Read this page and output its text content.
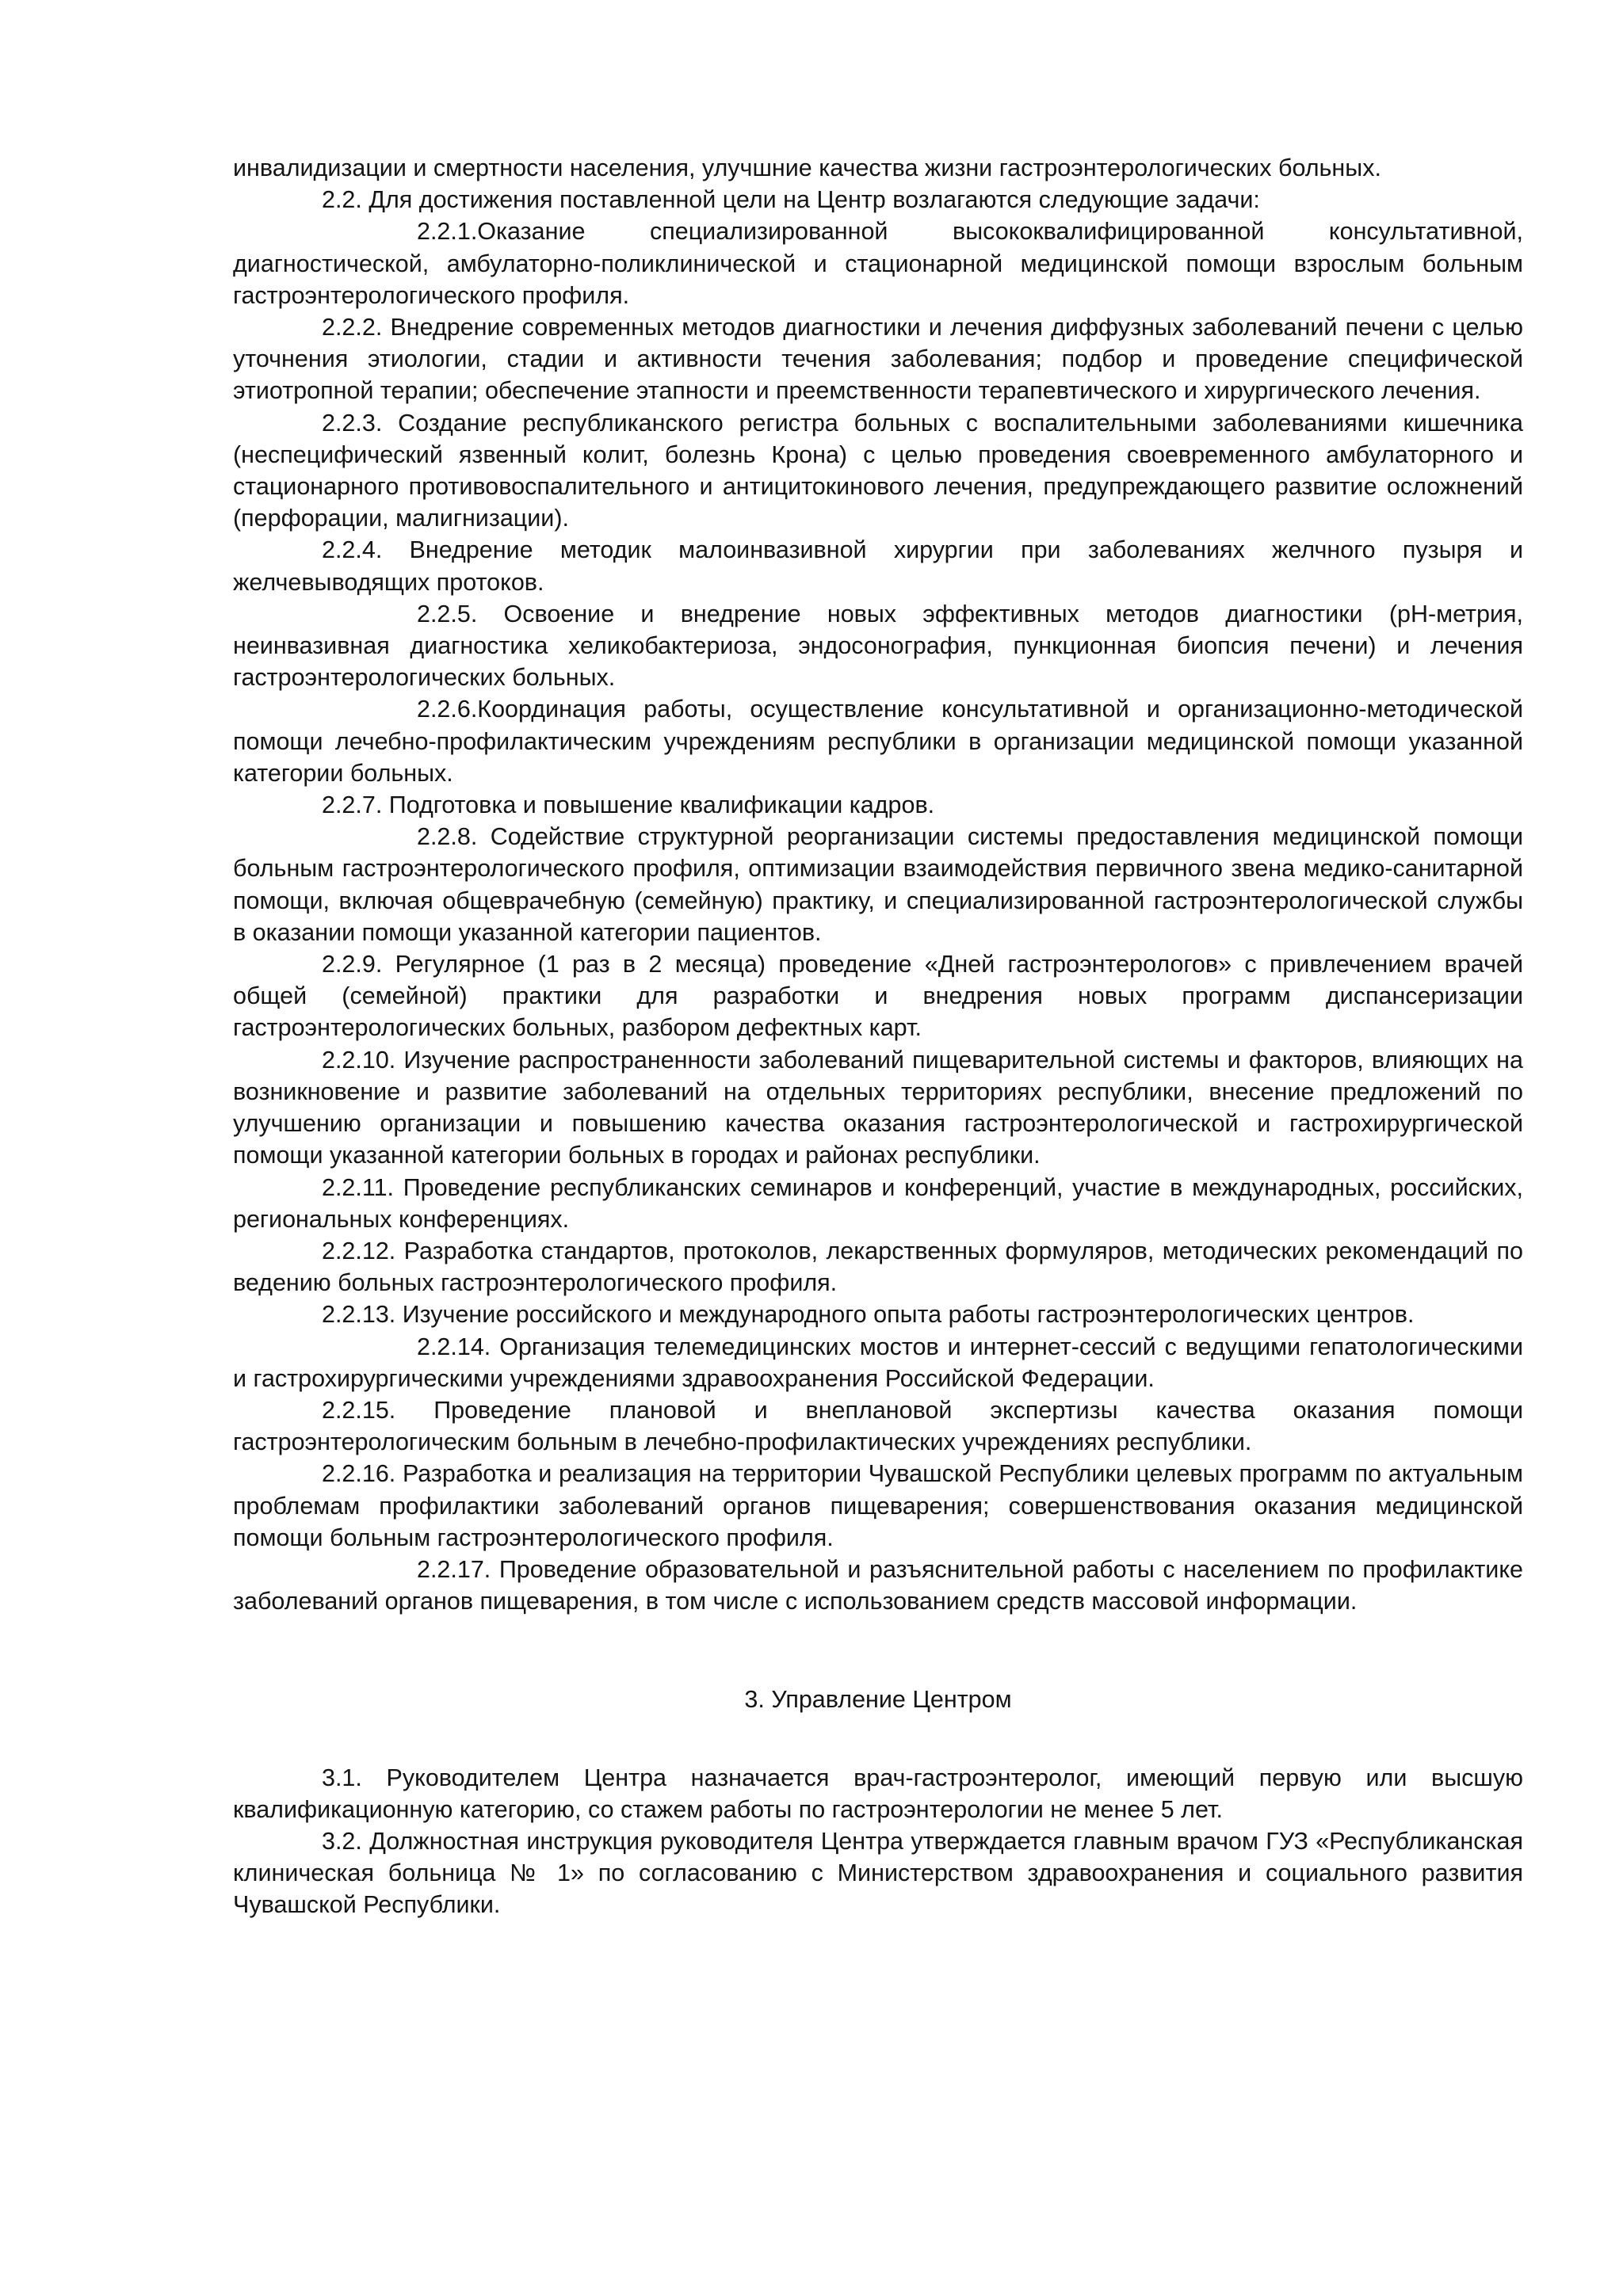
инвалидизации и смертности населения, улучшние качества жизни гастроэнтерологических больных.

2.2. Для достижения поставленной цели на Центр возлагаются следующие задачи:

2.2.1.Оказание специализированной высококвалифицированной консультативной, диагностической, амбулаторно-поликлинической и стационарной медицинской помощи взрослым больным гастроэнтерологического профиля.

2.2.2. Внедрение современных методов диагностики и лечения диффузных заболеваний печени с целью уточнения этиологии, стадии и активности течения заболевания; подбор и проведение специфической этиотропной терапии; обеспечение этапности и преемственности терапевтического и хирургического лечения.

2.2.3. Создание республиканского регистра больных с воспалительными заболеваниями кишечника (неспецифический язвенный колит, болезнь Крона) с целью проведения своевременного амбулаторного и стационарного противовоспалительного и антицитокинового лечения, предупреждающего развитие осложнений (перфорации, малигнизации).

2.2.4. Внедрение методик малоинвазивной хирургии при заболеваниях желчного пузыря и желчевыводящих протоков.

2.2.5. Освоение и внедрение новых эффективных методов диагностики (рН-метрия, неинвазивная диагностика хеликобактериоза, эндосонография, пункционная биопсия печени) и лечения гастроэнтерологических больных.

2.2.6.Координация работы, осуществление консультативной и организационно-методической помощи лечебно-профилактическим учреждениям республики в организации медицинской помощи указанной категории больных.

2.2.7. Подготовка и повышение квалификации кадров.

2.2.8. Содействие структурной реорганизации системы предоставления медицинской помощи больным гастроэнтерологического профиля, оптимизации взаимодействия первичного звена медико-санитарной помощи, включая общеврачебную (семейную) практику, и специализированной гастроэнтерологической службы в оказании помощи указанной категории пациентов.

2.2.9. Регулярное (1 раз в 2 месяца) проведение «Дней гастроэнтерологов» с привлечением врачей общей (семейной) практики для разработки и внедрения новых программ диспансеризации гастроэнтерологических больных, разбором дефектных карт.

2.2.10. Изучение распространенности заболеваний пищеварительной системы и факторов, влияющих на возникновение и развитие заболеваний на отдельных территориях республики, внесение предложений по улучшению организации и повышению качества оказания гастроэнтерологической и гастрохирургической помощи указанной категории больных в городах и районах республики.

2.2.11. Проведение республиканских семинаров и конференций, участие в международных, российских, региональных конференциях.

2.2.12. Разработка стандартов, протоколов, лекарственных формуляров, методических рекомендаций по ведению больных гастроэнтерологического профиля.

2.2.13. Изучение российского и международного опыта работы гастроэнтерологических центров.

2.2.14. Организация телемедицинских мостов и интернет-сессий с ведущими гепатологическими и гастрохирургическими учреждениями здравоохранения Российской Федерации.

2.2.15. Проведение плановой и внеплановой экспертизы качества оказания помощи гастроэнтерологическим больным в лечебно-профилактических учреждениях республики.

2.2.16. Разработка и реализация на территории Чувашской Республики целевых программ по актуальным проблемам профилактики заболеваний органов пищеварения; совершенствования оказания медицинской помощи больным гастроэнтерологического профиля.

2.2.17. Проведение образовательной и разъяснительной работы с населением по профилактике заболеваний органов пищеварения, в том числе с использованием средств массовой информации.

3. Управление Центром

3.1. Руководителем Центра назначается врач-гастроэнтеролог, имеющий первую или высшую квалификационную категорию, со стажем работы по гастроэнтерологии не менее 5 лет.

3.2. Должностная инструкция руководителя Центра утверждается главным врачом ГУЗ «Республиканская клиническая больница № 1» по согласованию с Министерством здравоохранения и социального развития Чувашской Республики.
